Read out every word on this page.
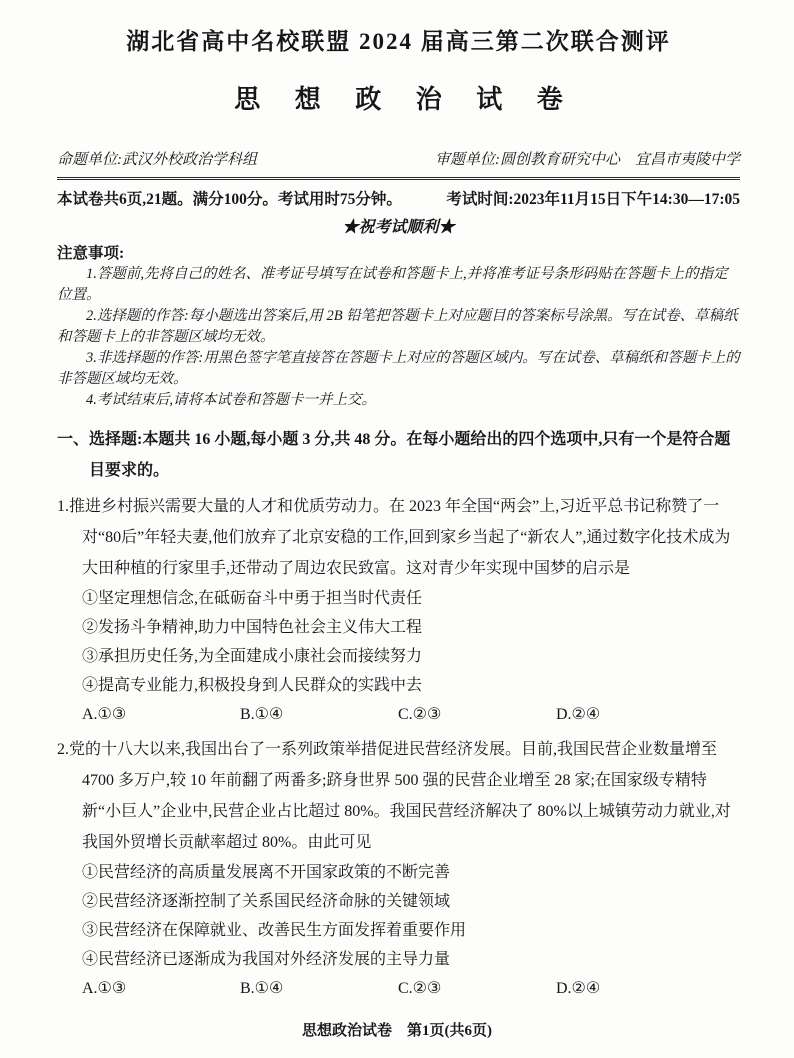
湖北省高中名校联盟 2024 届高三第二次联合测评
思 想 政 治 试 卷
命题单位:武汉外校政治学科组	审题单位:圆创教育研究中心　宜昌市夷陵中学
本试卷共6页,21题。满分100分。考试用时75分钟。	考试时间:2023年11月15日下午14:30—17:05
★祝考试顺利★
注意事项:

1.答题前,先将自己的姓名、准考证号填写在试卷和答题卡上,并将准考证号条形码贴在答题卡上的指定位置。

2.选择题的作答:每小题选出答案后,用 2B 铅笔把答题卡上对应题目的答案标号涂黑。写在试卷、草稿纸和答题卡上的非答题区域均无效。

3.非选择题的作答:用黑色签字笔直接答在答题卡上对应的答题区域内。写在试卷、草稿纸和答题卡上的非答题区域均无效。

4.考试结束后,请将本试卷和答题卡一并上交。

一、选择题:本题共 16 小题,每小题 3 分,共 48 分。在每小题给出的四个选项中,只有一个是符合题目要求的。
1.推进乡村振兴需要大量的人才和优质劳动力。在 2023 年全国“两会”上,习近平总书记称赞了一对“80后”年轻夫妻,他们放弃了北京安稳的工作,回到家乡当起了“新农人”,通过数字化技术成为大田种植的行家里手,还带动了周边农民致富。这对青少年实现中国梦的启示是
①坚定理想信念,在砥砺奋斗中勇于担当时代责任
②发扬斗争精神,助力中国特色社会主义伟大工程
③承担历史任务,为全面建成小康社会而接续努力
④提高专业能力,积极投身到人民群众的实践中去
A.①③	B.①④	C.②③	D.②④
2.党的十八大以来,我国出台了一系列政策举措促进民营经济发展。目前,我国民营企业数量增至 4700 多万户,较 10 年前翻了两番多;跻身世界 500 强的民营企业增至 28 家;在国家级专精特新“小巨人”企业中,民营企业占比超过 80%。我国民营经济解决了 80%以上城镇劳动力就业,对我国外贸增长贡献率超过 80%。由此可见
①民营经济的高质量发展离不开国家政策的不断完善
②民营经济逐渐控制了关系国民经济命脉的关键领域
③民营经济在保障就业、改善民生方面发挥着重要作用
④民营经济已逐渐成为我国对外经济发展的主导力量
A.①③	B.①④	C.②③	D.②④
思想政治试卷 第1页(共6页)
